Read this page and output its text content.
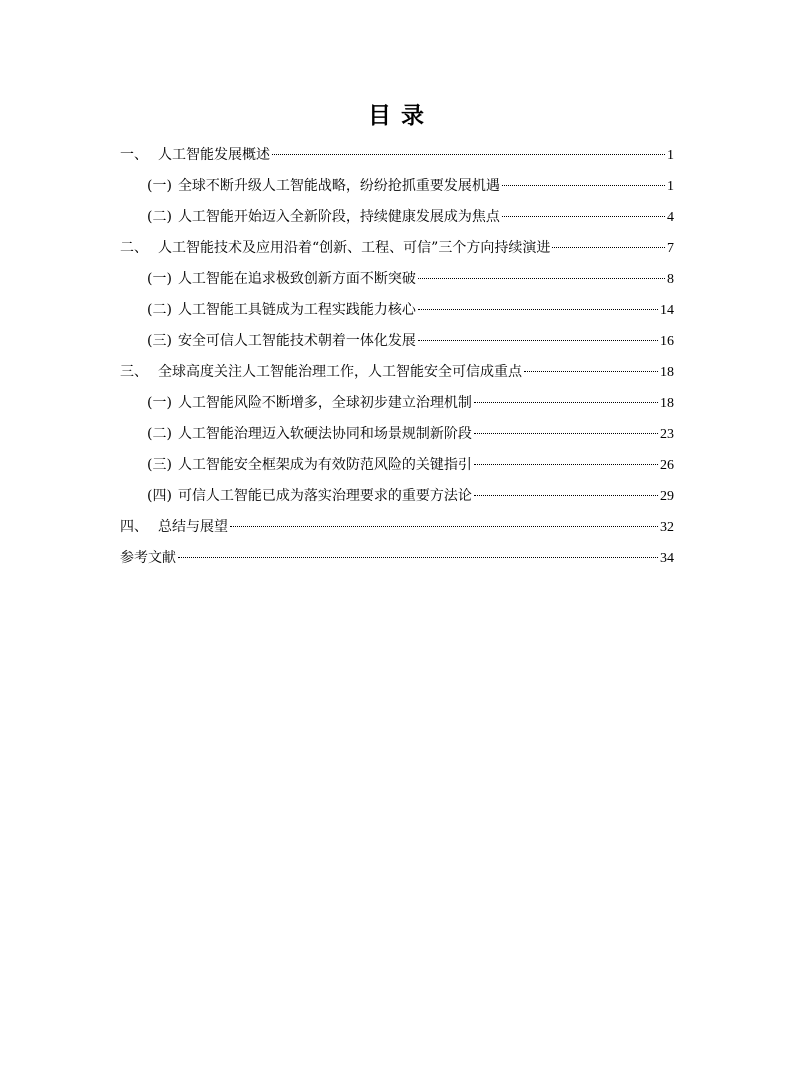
目 录
一、 人工智能发展概述	1
(一) 全球不断升级人工智能战略，纷纷抢抓重要发展机遇	1
(二) 人工智能开始迈入全新阶段，持续健康发展成为焦点	4
二、 人工智能技术及应用沿着“创新、工程、可信”三个方向持续演进	7
(一) 人工智能在追求极致创新方面不断突破	8
(二) 人工智能工具链成为工程实践能力核心	14
(三) 安全可信人工智能技术朝着一体化发展	16
三、 全球高度关注人工智能治理工作，人工智能安全可信成重点	18
(一) 人工智能风险不断增多，全球初步建立治理机制	18
(二) 人工智能治理迈入软硬法协同和场景规制新阶段	23
(三) 人工智能安全框架成为有效防范风险的关键指引	26
(四) 可信人工智能已成为落实治理要求的重要方法论	29
四、 总结与展望	32
参考文献	34
